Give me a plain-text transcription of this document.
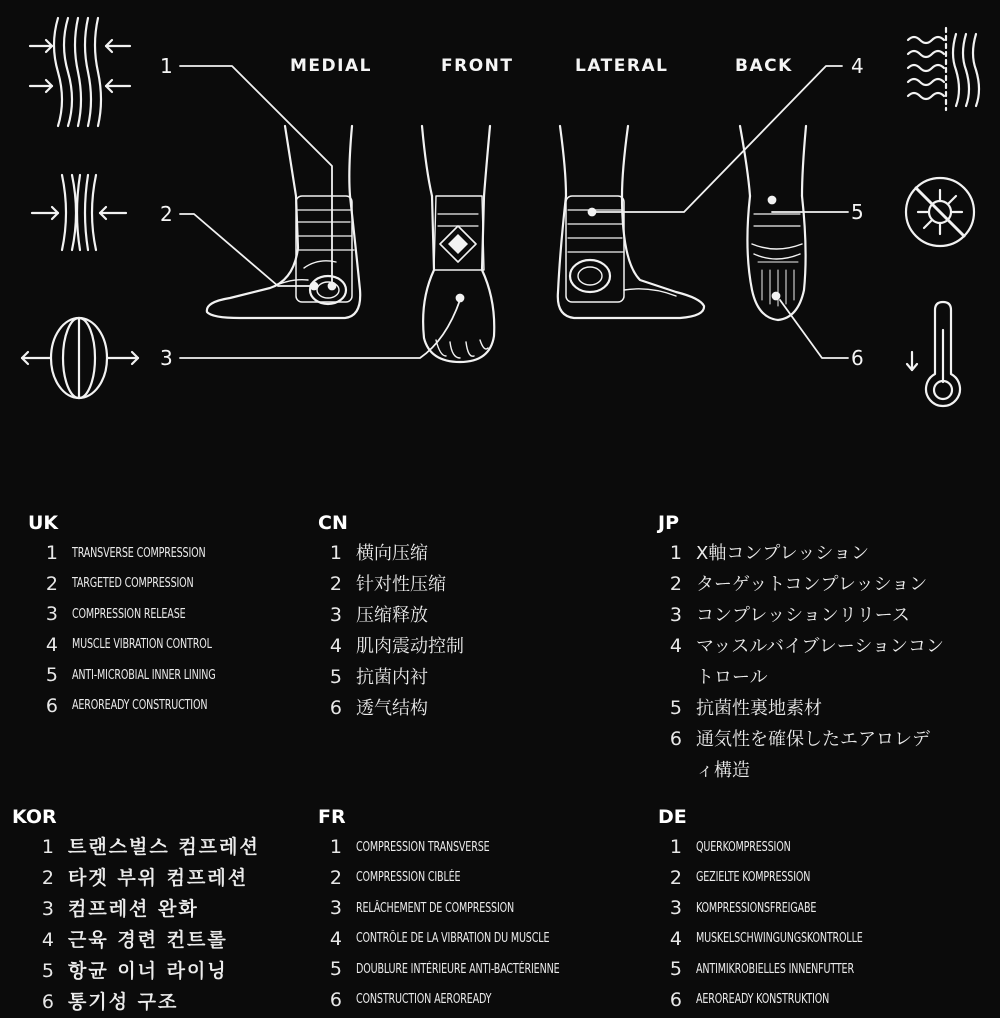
MEDIAL	FRONT	LATERAL	BACK
1
2
3
4
5
6
UK
1 TRANSVERSE COMPRESSION
2 TARGETED COMPRESSION
3 COMPRESSION RELEASE
4 MUSCLE VIBRATION CONTROL
5 ANTI-MICROBIAL INNER LINING
6 AERO​READY CONSTRUCTION
CN
1 横向压缩
2 针对性压缩
3 压缩释放
4 肌肉震动控制
5 抗菌内衬
6 透气结构
JP
1 X軸コンプレッション
2 ターゲットコンプレッション
3 コンプレッションリリース
4 マッスルバイブレーションコントロール
5 抗菌性裏地素材
6 通気性を確保したエアロレディ構造
KOR
1 트랜스벌스 컴프레션
2 타겟 부위 컴프레션
3 컴프레션 완화
4 근육 경련 컨트롤
5 항균 이너 라이닝
6 통기성 구조
FR
1 COMPRESSION TRANSVERSE
2 COMPRESSION CIBLÉE
3 RELÂCHEMENT DE COMPRESSION
4 CONTRÔLE DE LA VIBRATION DU MUSCLE
5 DOUBLURE INTÉRIEURE ANTI-BACTÉRIENNE
6 CONSTRUCTION AEROREADY
DE
1 QUERKOMPRESSION
2 GEZIELTE KOMPRESSION
3 KOMPRESSIONSFREIGABE
4 MUSKELSCHWINGUNGSKONTROLLE
5 ANTIMIKROBIELLES INNENFUTTER
6 AEROREADY KONSTRUKTION
